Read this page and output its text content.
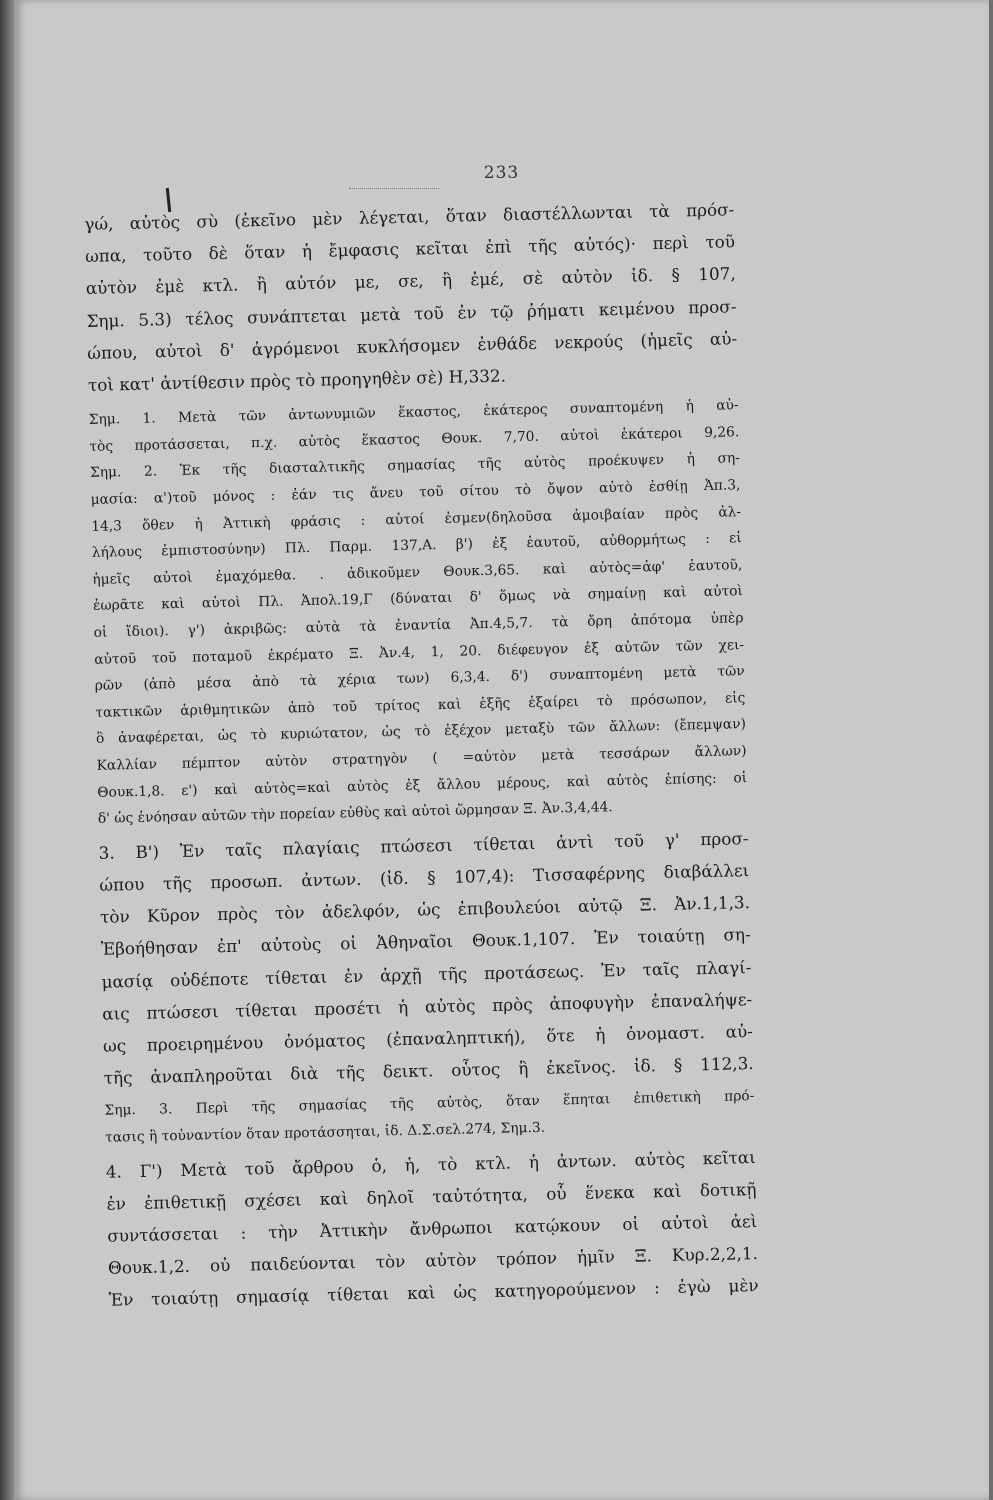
233
γώ, αὐτὸς σὺ (ἐκεῖνο μὲν λέγεται, ὅταν διαστέλλωνται τὰ πρόσ-
ωπα, τοῦτο δὲ ὅταν ἡ ἔμφασις κεῖται ἐπὶ τῆς αὐτός)· περὶ τοῦ
αὐτὸν ἐμὲ κτλ. ἢ αὐτόν με, σε, ἢ ἐμέ, σὲ αὐτὸν ἰδ. § 107,
Σημ. 5.3) τέλος συνάπτεται μετὰ τοῦ ἐν τῷ ῥήματι κειμένου προσ-
ώπου, αὐτοὶ δ' ἀγρόμενοι κυκλήσομεν ἐνθάδε νεκρούς (ἡμεῖς αὐ-
τοὶ κατ' ἀντίθεσιν πρὸς τὸ προηγηθὲν σὲ) Η,332.
Σημ. 1. Μετὰ τῶν ἀντωνυμιῶν ἕκαστος, ἑκάτερος συναπτομένη ἡ αὐ-
τὸς προτάσσεται, π.χ. αὐτὸς ἕκαστος Θουκ. 7,70. αὐτοὶ ἑκάτεροι 9,26.
Σημ. 2. Ἐκ τῆς διασταλτικῆς σημασίας τῆς αὐτὸς προέκυψεν ἡ ση-
μασία: α')τοῦ μόνος : ἐάν τις ἄνευ τοῦ σίτου τὸ ὄψον αὐτὸ ἐσθίῃ Ἀπ.3,
14,3 ὅθεν ἡ Ἀττικὴ φράσις : αὐτοί ἐσμεν(δηλοῦσα ἀμοιβαίαν πρὸς ἀλ-
λήλους ἐμπιστοσύνην) Πλ. Παρμ. 137,Α. β') ἐξ ἑαυτοῦ, αὐθορμήτως : εἰ
ἡμεῖς αὐτοὶ ἐμαχόμεθα. . ἀδικοῦμεν Θουκ.3,65. καὶ αὐτὸς=ἀφ' ἑαυτοῦ,
ἑωρᾶτε καὶ αὐτοὶ Πλ. Ἀπολ.19,Γ (δύναται δ' ὅμως νὰ σημαίνῃ καὶ αὐτοὶ
οἱ ἴδιοι). γ') ἀκριβῶς: αὐτὰ τὰ ἐναντία Ἀπ.4,5,7. τὰ ὄρη ἀπότομα ὑπὲρ
αὐτοῦ τοῦ ποταμοῦ ἐκρέματο Ξ. Ἀν.4, 1, 20. διέφευγον ἐξ αὐτῶν τῶν χει-
ρῶν (ἀπὸ μέσα ἀπὸ τὰ χέρια των) 6,3,4. δ') συναπτομένη μετὰ τῶν
τακτικῶν ἀριθμητικῶν ἀπὸ τοῦ τρίτος καὶ ἑξῆς ἐξαίρει τὸ πρόσωπον, εἰς
ὃ ἀναφέρεται, ὡς τὸ κυριώτατον, ὡς τὸ ἐξέχον μεταξὺ τῶν ἄλλων: (ἔπεμψαν)
Καλλίαν πέμπτον αὐτὸν στρατηγὸν ( =αὐτὸν μετὰ τεσσάρων ἄλλων)
Θουκ.1,8. ε') καὶ αὐτὸς=καὶ αὐτὸς ἐξ ἄλλου μέρους, καὶ αὐτὸς ἐπίσης: οἱ
δ' ὡς ἐνόησαν αὐτῶν τὴν πορείαν εὐθὺς καὶ αὐτοὶ ὥρμησαν Ξ. Ἀν.3,4,44.
3. Β') Ἐν ταῖς πλαγίαις πτώσεσι τίθεται ἀντὶ τοῦ γ' προσ-
ώπου τῆς προσωπ. ἀντων. (ἰδ. § 107,4): Τισσαφέρνης διαβάλλει
τὸν Κῦρον πρὸς τὸν ἀδελφόν, ὡς ἐπιβουλεύοι αὐτῷ Ξ. Ἀν.1,1,3.
Ἐβοήθησαν ἐπ' αὐτοὺς οἱ Ἀθηναῖοι Θουκ.1,107. Ἐν τοιαύτῃ ση-
μασίᾳ οὐδέποτε τίθεται ἐν ἀρχῇ τῆς προτάσεως. Ἐν ταῖς πλαγί-
αις πτώσεσι τίθεται προσέτι ἡ αὐτὸς πρὸς ἀποφυγὴν ἐπαναλήψε-
ως προειρημένου ὀνόματος (ἐπαναληπτική), ὅτε ἡ ὀνομαστ. αὐ-
τῆς ἀναπληροῦται διὰ τῆς δεικτ. οὗτος ἢ ἐκεῖνος. ἰδ. § 112,3.
Σημ. 3. Περὶ τῆς σημασίας τῆς αὐτὸς, ὅταν ἕπηται ἐπιθετικὴ πρό-
τασις ἢ τοὐναντίον ὅταν προτάσσηται, ἰδ. Δ.Σ.σελ.274, Σημ.3.
4. Γ') Μετὰ τοῦ ἄρθρου ὁ, ἡ, τὸ κτλ. ἡ ἀντων. αὐτὸς κεῖται
ἐν ἐπιθετικῇ σχέσει καὶ δηλοῖ ταὐτότητα, οὗ ἕνεκα καὶ δοτικῇ
συντάσσεται : τὴν Ἀττικὴν ἄνθρωποι κατῴκουν οἱ αὐτοὶ ἀεὶ
Θουκ.1,2. οὐ παιδεύονται τὸν αὐτὸν τρόπον ἡμῖν Ξ. Κυρ.2,2,1.
Ἐν τοιαύτῃ σημασίᾳ τίθεται καὶ ὡς κατηγορούμενον : ἐγὼ μὲν
